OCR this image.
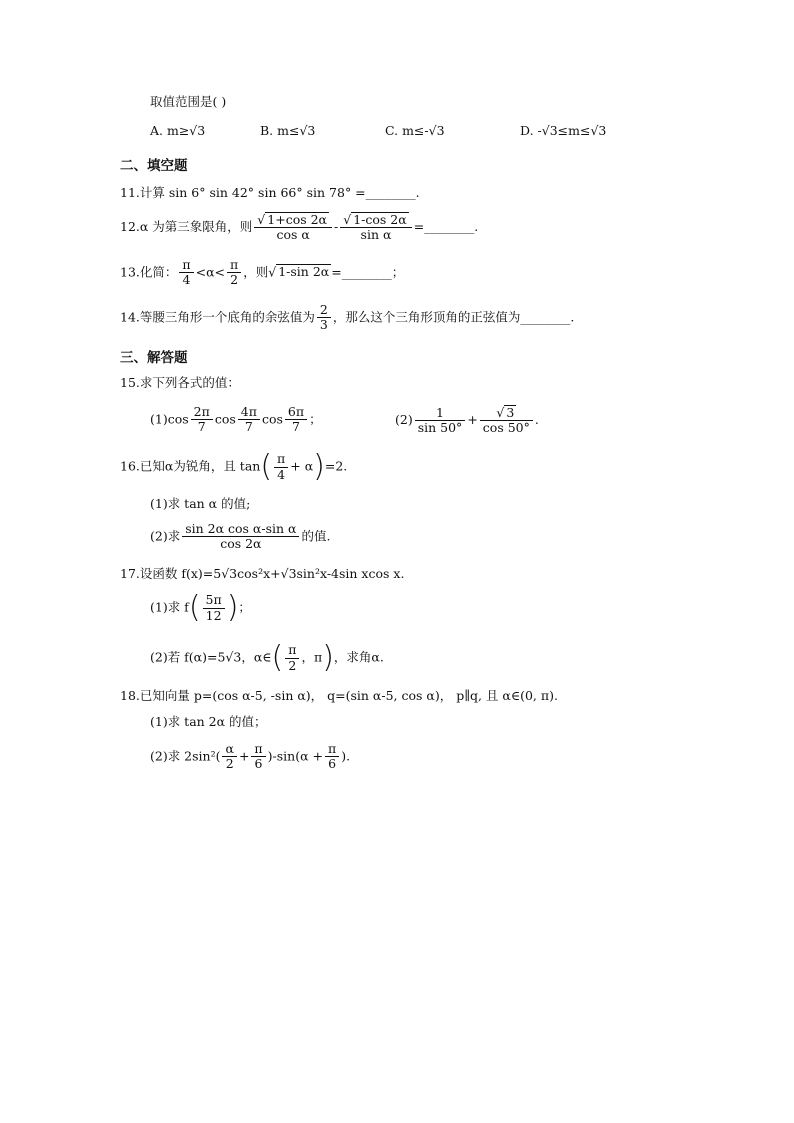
取值范围是( )
A. m≥√3	B. m≤√3	C. m≤-√3	D. -√3≤m≤√3
二、填空题
11.计算 sin 6° sin 42° sin 66° sin 78° =________.
12.α 为第三象限角，则 $\frac{√ 1+\cos 2\alpha}{\text{cos α}} - \frac{√ 1-\cos 2\alpha}{\text{sin α}}$ =________.
13.化简： $\frac{\pi}{4} <\alpha< \frac{\pi}{2}$ ，则√ 1-sin 2α =________；
14.等腰三角形一个底角的余弦值为 $\frac{2}{3}$ ，那么这个三角形顶角的正弦值为________.
三、解答题
15.求下列各式的值：
$(1)\cos \frac{2\pi}{7}$ $\cos \frac{4\pi}{7}$ $\cos \frac{6\pi}{7}$ ；	$(2) \frac{1}{\sin 50^\circ} + \frac{√ 3}{\cos 50^\circ}$ .
16.已知α为锐角，且 $\tan( \frac{\pi}{4} + \alpha)=2$.
(1)求 tan α 的值;
(2)求 $\frac{\text{sin 2α cos α-sin α}}{\cos 2\alpha}$ 的值.
17.设函数 f(x)=5√3cos²x+√3sin²x-4sin xcos x.
(1)求 $f( \frac{5\pi}{12}$ )；
(2)若 f(α)=5√3，α∈( $\frac{\pi}{2}$ ，π)，求角α.
18.已知向量 p=(cos α-5, -sin α)， q=(sin α-5, cos α)， p∥q, 且 α∈(0, π).
(1)求 tan 2α 的值；
(2)求 $2\sin^2( \frac{\alpha}{2} + \frac{\pi}{6} )-\sin(\alpha + \frac{\pi}{6}$ ).
